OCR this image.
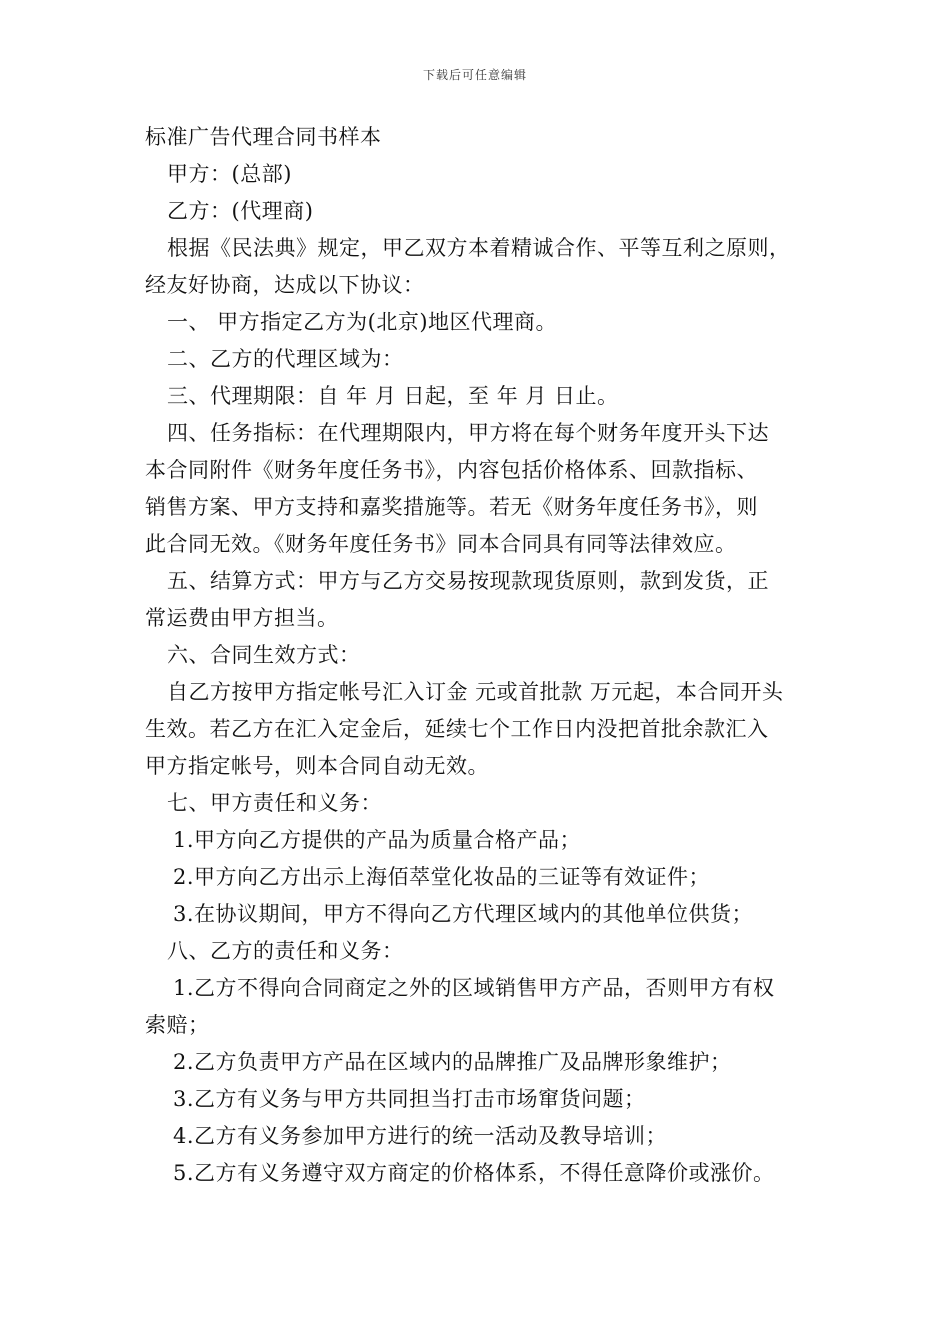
下载后可任意编辑
标准广告代理合同书样本
甲方：(总部)
乙方：(代理商)
根据《民法典》规定，甲乙双方本着精诚合作、平等互利之原则，
经友好协商，达成以下协议：
一、 甲方指定乙方为(北京)地区代理商。
二、乙方的代理区域为：
三、代理期限：自 年 月 日起，至 年 月 日止。
四、任务指标：在代理期限内，甲方将在每个财务年度开头下达
本合同附件《财务年度任务书》，内容包括价格体系、回款指标、
销售方案、甲方支持和嘉奖措施等。若无《财务年度任务书》，则
此合同无效。《财务年度任务书》同本合同具有同等法律效应。
五、结算方式：甲方与乙方交易按现款现货原则，款到发货，正
常运费由甲方担当。
六、合同生效方式：
自乙方按甲方指定帐号汇入订金 元或首批款 万元起，本合同开头
生效。若乙方在汇入定金后，延续七个工作日内没把首批余款汇入
甲方指定帐号，则本合同自动无效。
七、甲方责任和义务：
1.甲方向乙方提供的产品为质量合格产品；
2.甲方向乙方出示上海佰萃堂化妆品的三证等有效证件；
3.在协议期间，甲方不得向乙方代理区域内的其他单位供货；
八、乙方的责任和义务：
1.乙方不得向合同商定之外的区域销售甲方产品，否则甲方有权
索赔；
2.乙方负责甲方产品在区域内的品牌推广及品牌形象维护；
3.乙方有义务与甲方共同担当打击市场窜货问题；
4.乙方有义务参加甲方进行的统一活动及教导培训；
5.乙方有义务遵守双方商定的价格体系，不得任意降价或涨价。
